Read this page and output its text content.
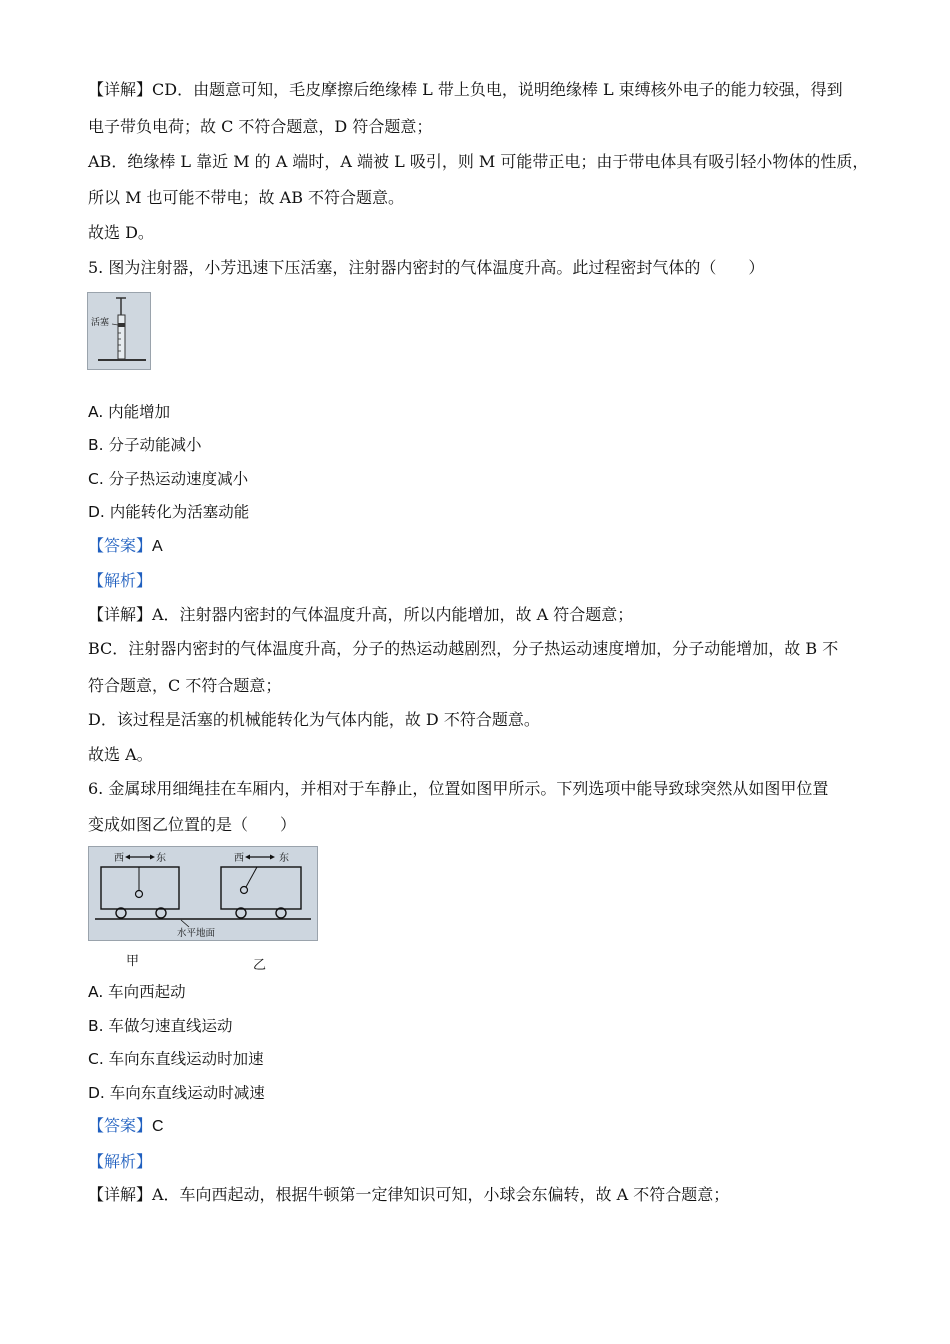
【详解】CD．由题意可知，毛皮摩擦后绝缘棒 L 带上负电，说明绝缘棒 L 束缚核外电子的能力较强，得到
电子带负电荷；故 C 不符合题意，D 符合题意；
AB．绝缘棒 L 靠近 M 的 A 端时，A 端被 L 吸引，则 M 可能带正电；由于带电体具有吸引轻小物体的性质，
所以 M 也可能不带电；故 AB 不符合题意。
故选 D。
5. 图为注射器，小芳迅速下压活塞，注射器内密封的气体温度升高。此过程密封气体的（　　）
活塞
A. 内能增加
B. 分子动能减小
C. 分子热运动速度减小
D. 内能转化为活塞动能
【答案】A
【解析】
【详解】A．注射器内密封的气体温度升高，所以内能增加，故 A 符合题意；
BC．注射器内密封的气体温度升高，分子的热运动越剧烈，分子热运动速度增加，分子动能增加，故 B 不
符合题意，C 不符合题意；
D．该过程是活塞的机械能转化为气体内能，故 D 不符合题意。
故选 A。
6. 金属球用细绳挂在车厢内，并相对于车静止，位置如图甲所示。下列选项中能导致球突然从如图甲位置
变成如图乙位置的是（　　）
西	东	西	东
水平地面
甲	乙
A. 车向西起动
B. 车做匀速直线运动
C. 车向东直线运动时加速
D. 车向东直线运动时减速
【答案】C
【解析】
【详解】A．车向西起动，根据牛顿第一定律知识可知，小球会东偏转，故 A 不符合题意；
